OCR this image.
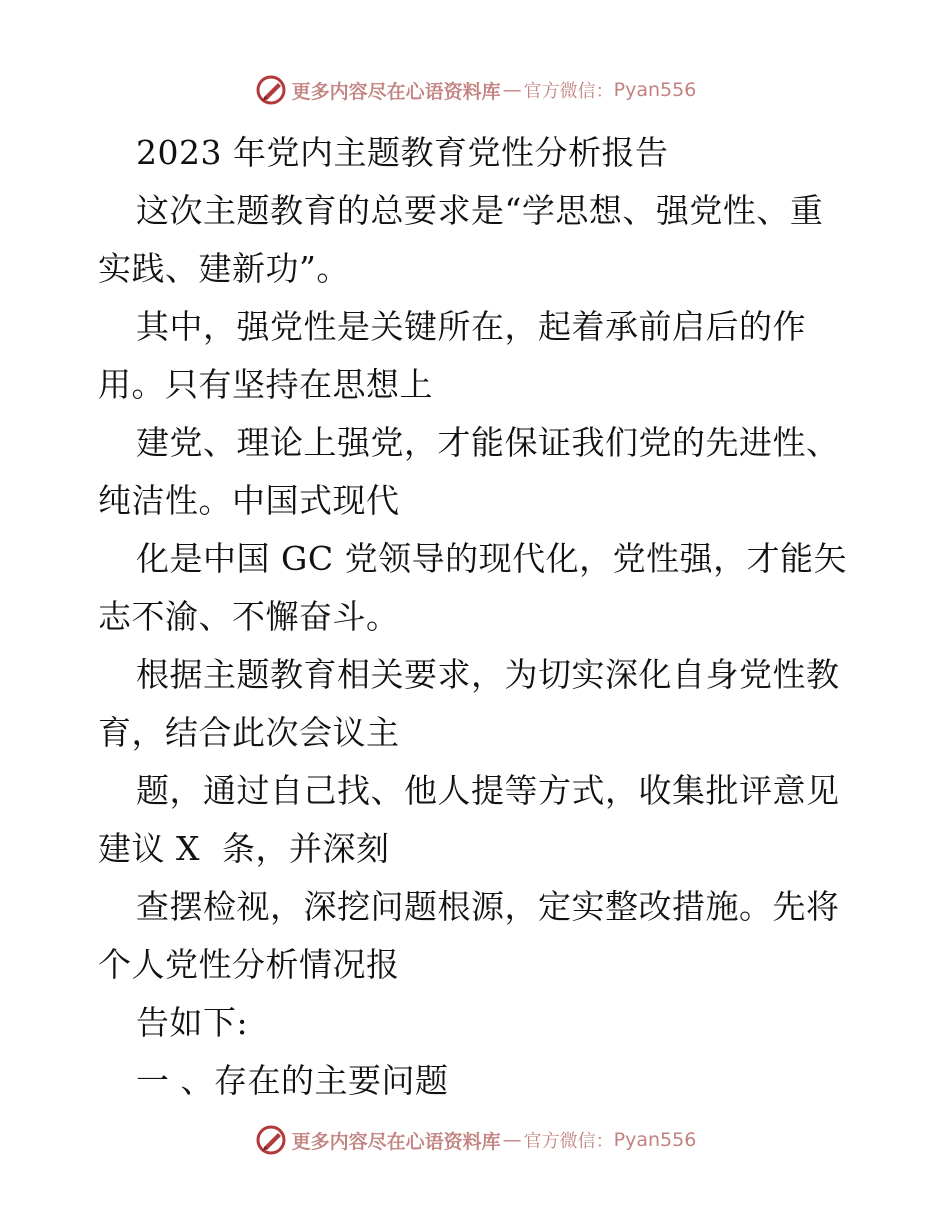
更多内容尽在心语资料库 — 官方微信： Pyan556
2023 年党内主题教育党性分析报告
这次主题教育的总要求是“学思想、强党性、重
实践、建新功”。
其中，强党性是关键所在，起着承前启后的作
用。只有坚持在思想上
建党、理论上强党，才能保证我们党的先进性、
纯洁性。中国式现代
化是中国 GC 党领导的现代化，党性强，才能矢
志不渝、不懈奋斗。
根据主题教育相关要求，为切实深化自身党性教
育，结合此次会议主
题，通过自己找、他人提等方式，收集批评意见
建议 X  条，并深刻
查摆检视，深挖问题根源，定实整改措施。先将
个人党性分析情况报
告如下:
一 、存在的主要问题
更多内容尽在心语资料库 — 官方微信： Pyan556
